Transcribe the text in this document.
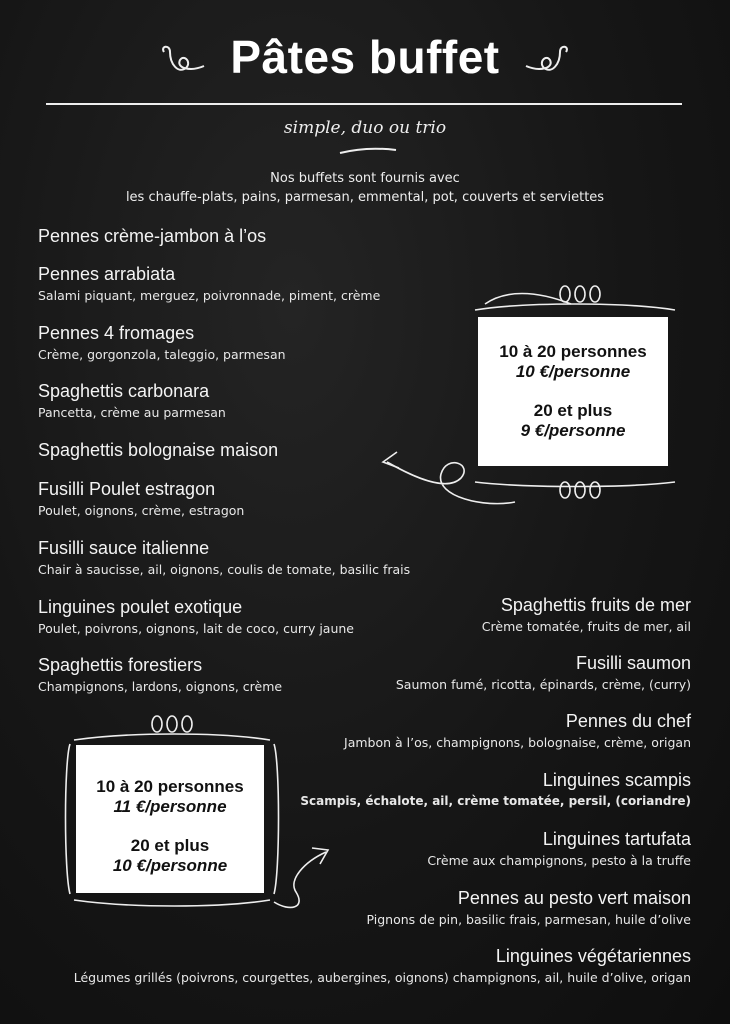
Pâtes buffet
simple, duo ou trio
Nos buffets sont fournis avec
les chauffe-plats, pains, parmesan, emmental, pot, couverts et serviettes
Pennes crème-jambon à l’os
Pennes arrabiata
Salami piquant, merguez, poivronnade, piment, crème
Pennes 4 fromages
Crème, gorgonzola, taleggio, parmesan
Spaghettis carbonara
Pancetta, crème au parmesan
Spaghettis bolognaise maison
Fusilli Poulet estragon
Poulet, oignons, crème, estragon
Fusilli sauce italienne
Chair à saucisse, ail, oignons, coulis de tomate, basilic frais
Linguines poulet exotique
Poulet, poivrons, oignons, lait de coco, curry jaune
Spaghettis forestiers
Champignons, lardons, oignons, crème
Spaghettis fruits de mer
Crème tomatée, fruits de mer, ail
Fusilli saumon
Saumon fumé, ricotta, épinards, crème, (curry)
Pennes du chef
Jambon à l’os, champignons, bolognaise, crème, origan
Linguines scampis
Scampis, échalote, ail, crème tomatée, persil, (coriandre)
Linguines tartufata
Crème aux champignons, pesto à la truffe
Pennes au pesto vert maison
Pignons de pin, basilic frais, parmesan, huile d’olive
Linguines végétariennes
Légumes grillés (poivrons, courgettes, aubergines, oignons) champignons, ail, huile d’olive, origan
10 à 20 personnes
10 €/personne
20 et plus
9 €/personne
10 à 20 personnes
11 €/personne
20 et plus
10 €/personne
